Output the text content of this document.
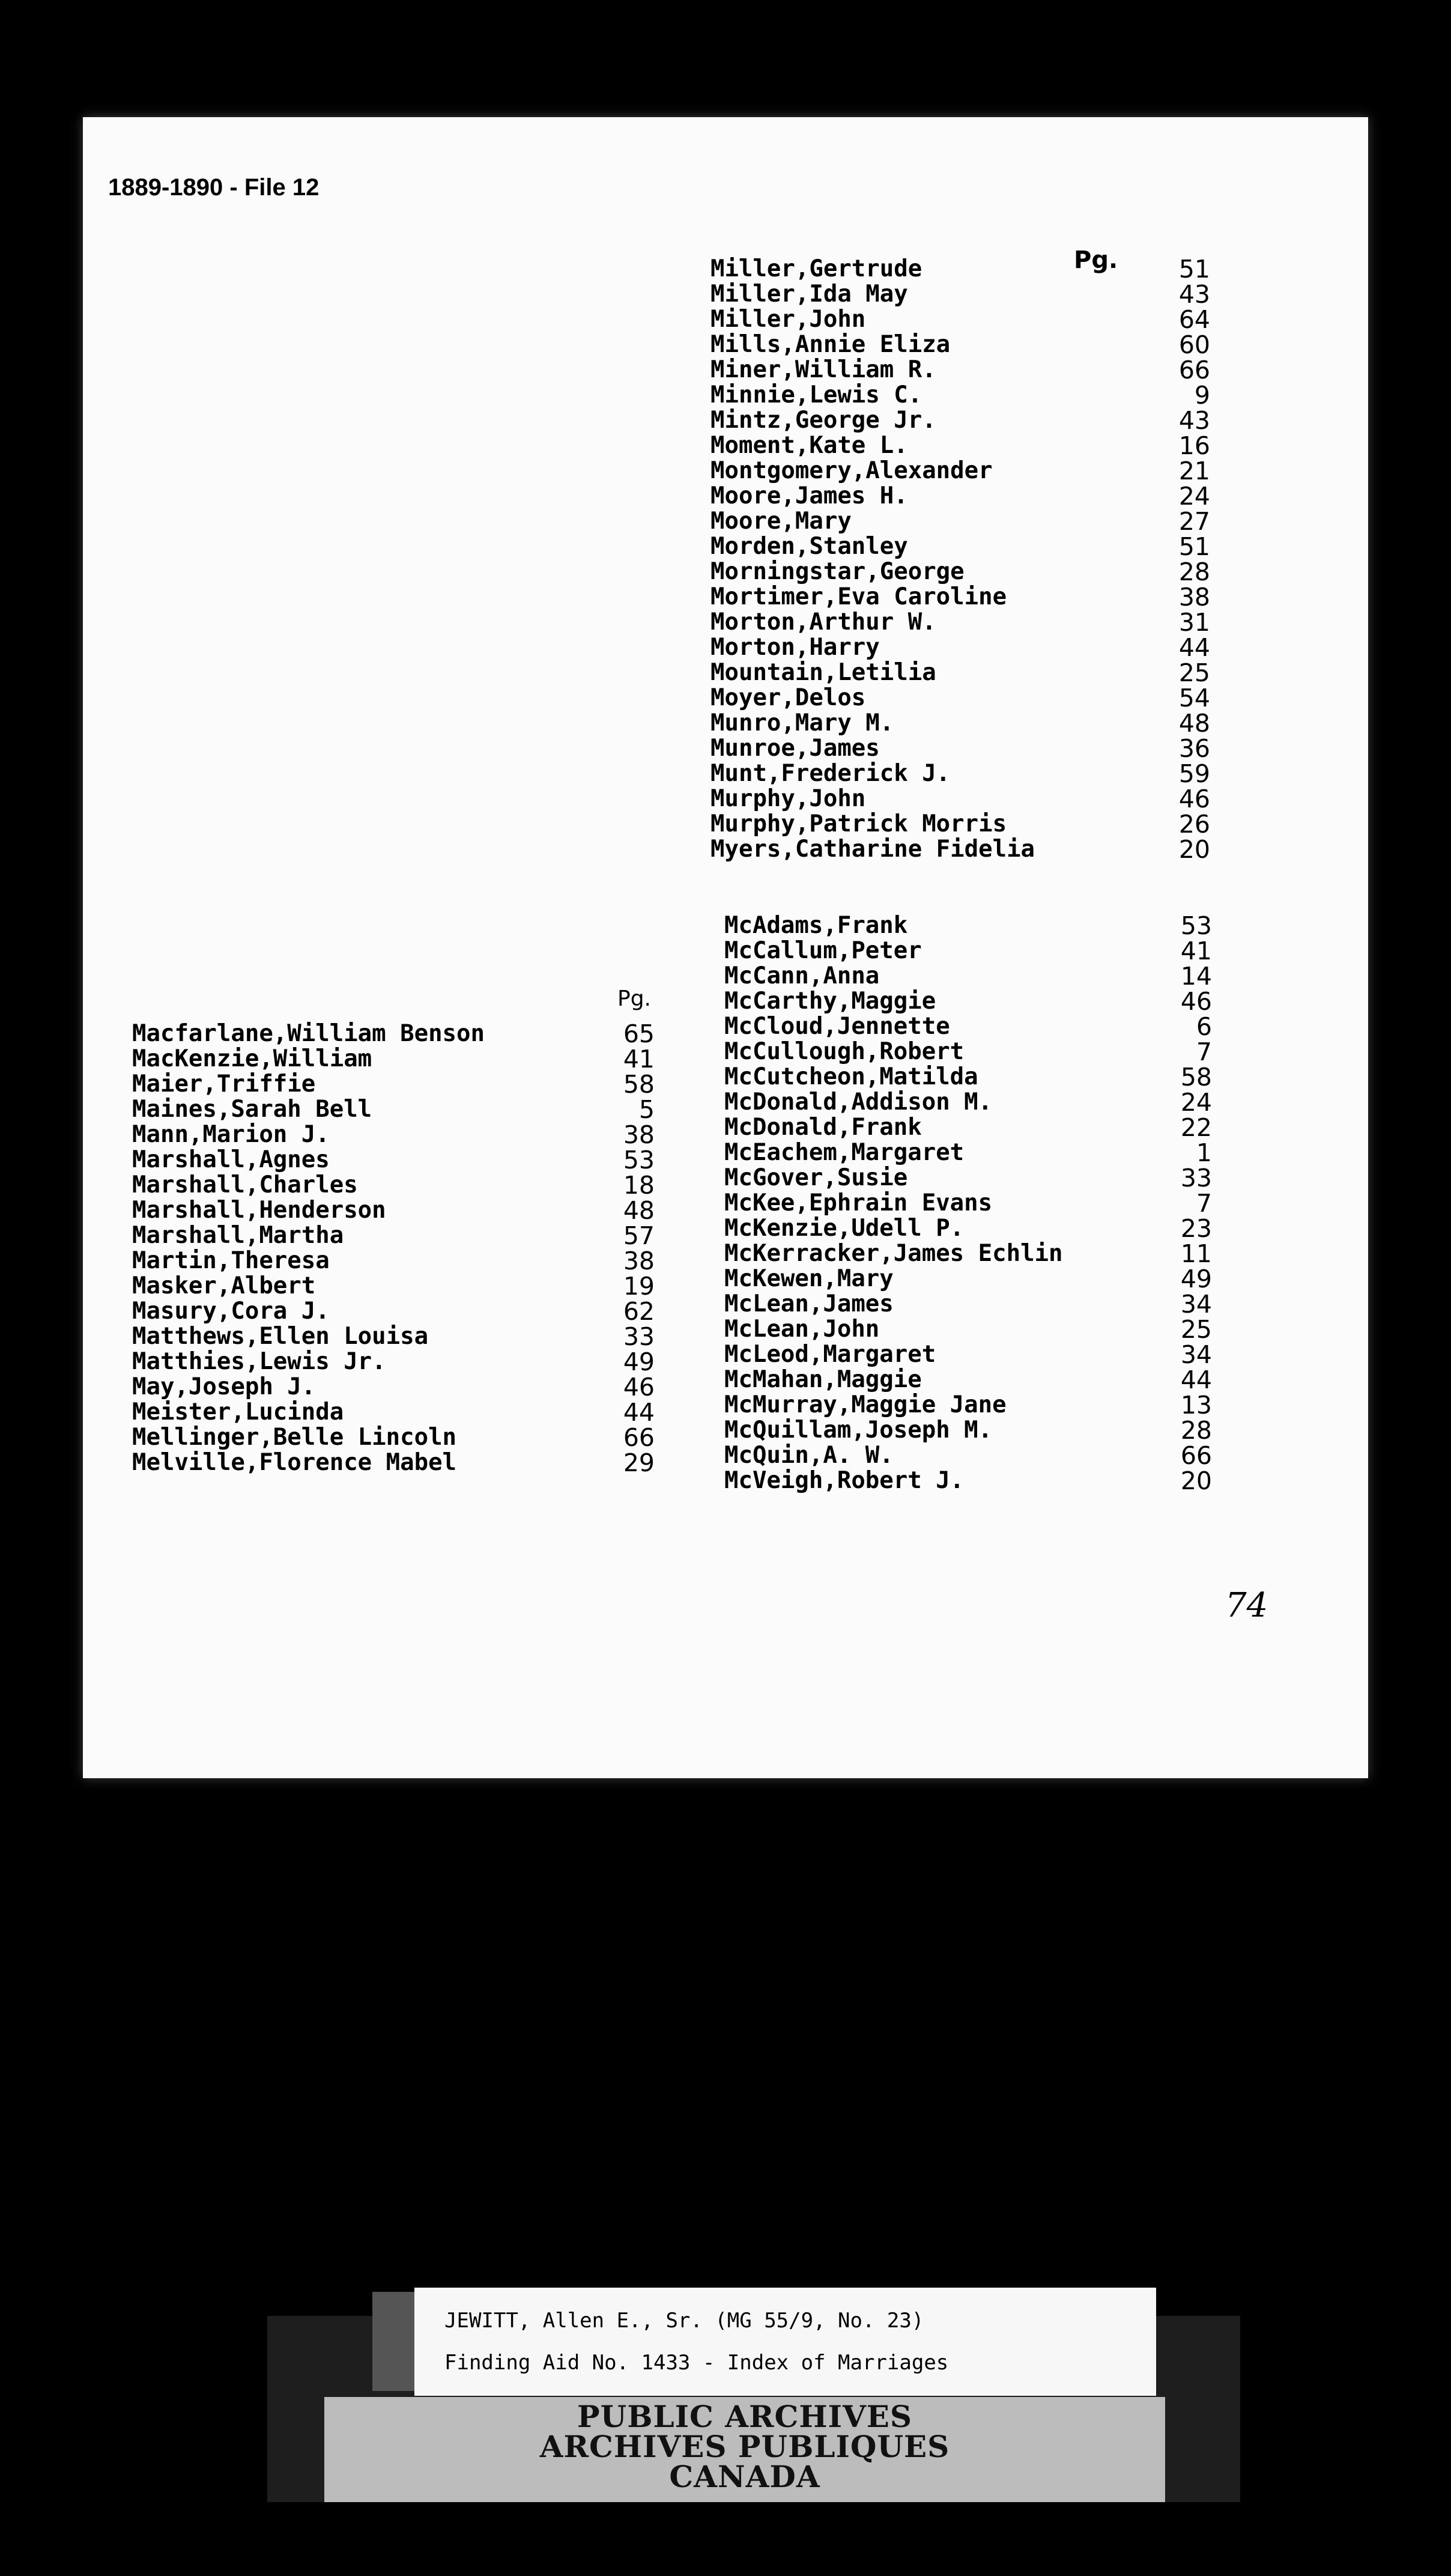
1889-1890 - File 12
Pg.
Miller,Gertrude	51
Miller,Ida May	43
Miller,John	64
Mills,Annie Eliza	60
Miner,William R.	66
Minnie,Lewis C.	9
Mintz,George Jr.	43
Moment,Kate L.	16
Montgomery,Alexander	21
Moore,James H.	24
Moore,Mary	27
Morden,Stanley	51
Morningstar,George	28
Mortimer,Eva Caroline	38
Morton,Arthur W.	31
Morton,Harry	44
Mountain,Letilia	25
Moyer,Delos	54
Munro,Mary M.	48
Munroe,James	36
Munt,Frederick J.	59
Murphy,John	46
Murphy,Patrick Morris	26
Myers,Catharine Fidelia	20
McAdams,Frank	53
McCallum,Peter	41
McCann,Anna	14
McCarthy,Maggie	46
McCloud,Jennette	6
McCullough,Robert	7
McCutcheon,Matilda	58
McDonald,Addison M.	24
McDonald,Frank	22
McEachem,Margaret	1
McGover,Susie	33
McKee,Ephrain Evans	7
McKenzie,Udell P.	23
McKerracker,James Echlin	11
McKewen,Mary	49
McLean,James	34
McLean,John	25
McLeod,Margaret	34
McMahan,Maggie	44
McMurray,Maggie Jane	13
McQuillam,Joseph M.	28
McQuin,A. W.	66
McVeigh,Robert J.	20
Pg.
Macfarlane,William Benson	65
MacKenzie,William	41
Maier,Triffie	58
Maines,Sarah Bell	5
Mann,Marion J.	38
Marshall,Agnes	53
Marshall,Charles	18
Marshall,Henderson	48
Marshall,Martha	57
Martin,Theresa	38
Masker,Albert	19
Masury,Cora J.	62
Matthews,Ellen Louisa	33
Matthies,Lewis Jr.	49
May,Joseph J.	46
Meister,Lucinda	44
Mellinger,Belle Lincoln	66
Melville,Florence Mabel	29
74
JEWITT, Allen E., Sr. (MG 55/9, No. 23)
Finding Aid No. 1433 - Index of Marriages
PUBLIC ARCHIVES
ARCHIVES PUBLIQUES
CANADA
